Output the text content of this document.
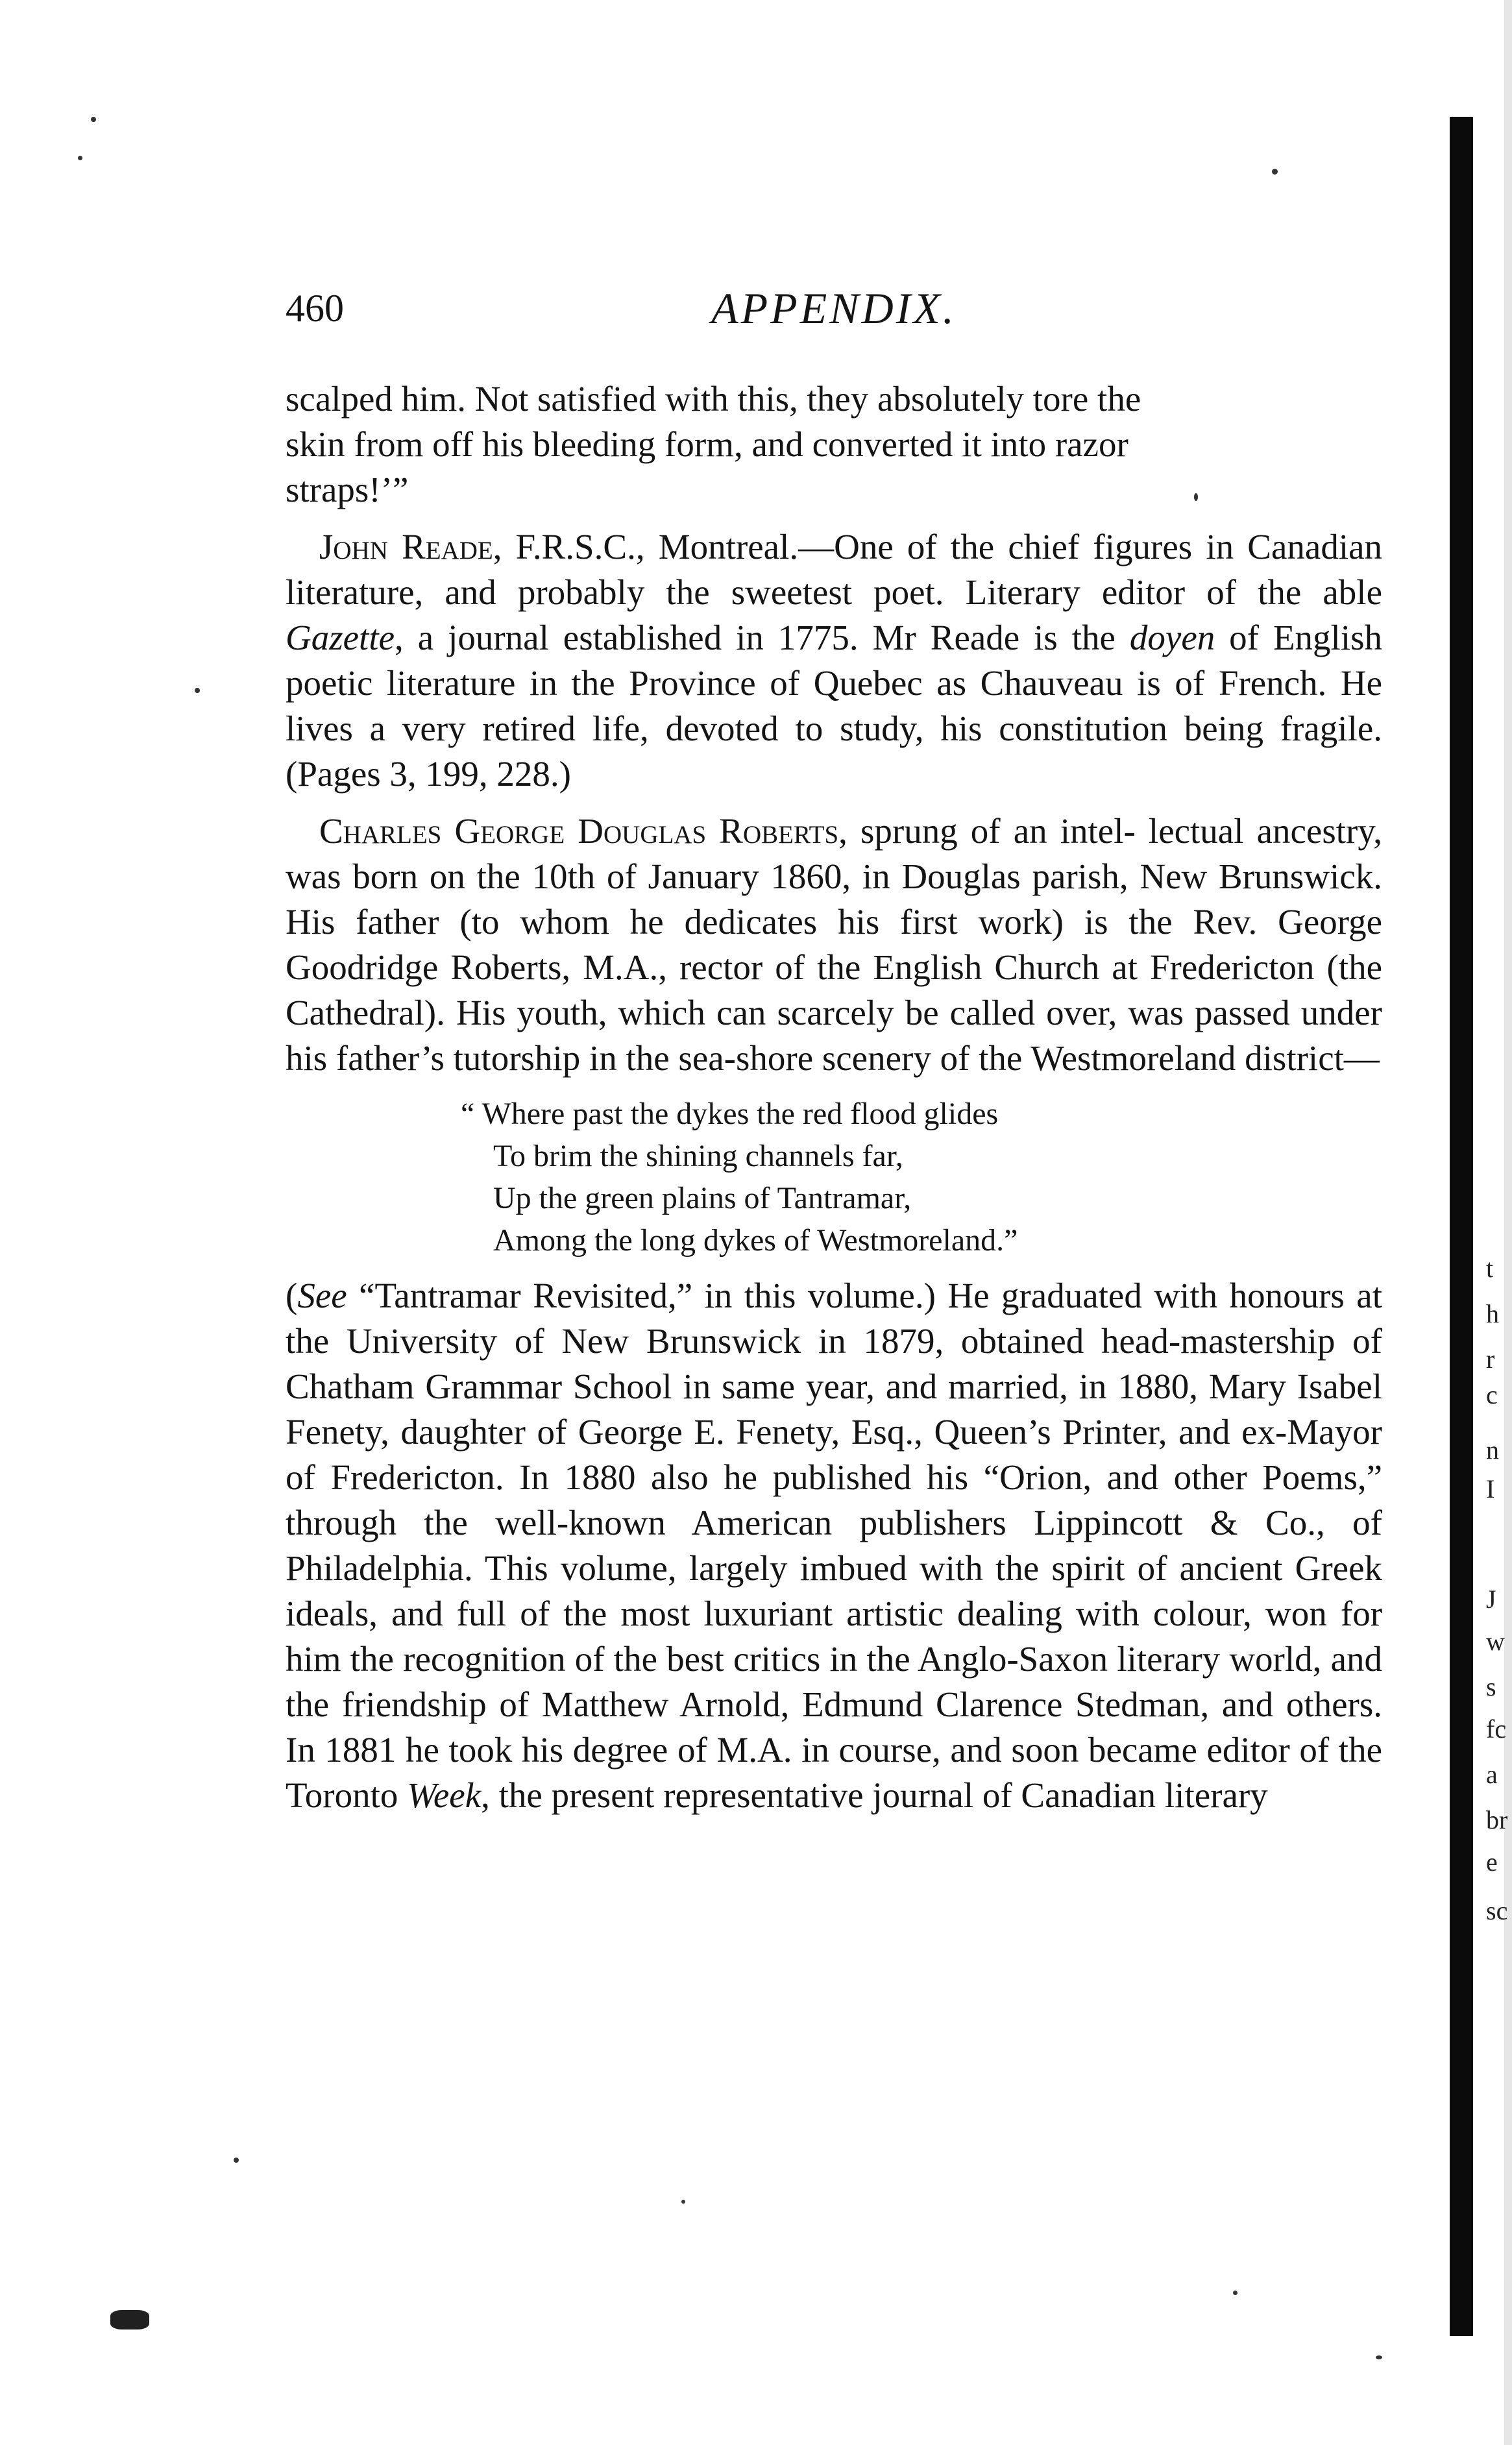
460	APPENDIX.

scalped him. Not satisfied with this, they absolutely tore the
skin from off his bleeding form, and converted it into razor
straps!’”

John Reade, F.R.S.C., Montreal.—One of the chief figures in Canadian literature, and probably the sweetest poet. Literary editor of the able Gazette, a journal established in 1775. Mr Reade is the doyen of English poetic literature in the Province of Quebec as Chauveau is of French. He lives a very retired life, devoted to study, his constitution being fragile. (Pages 3, 199, 228.)

Charles George Douglas Roberts, sprung of an intel- lectual ancestry, was born on the 10th of January 1860, in Douglas parish, New Brunswick. His father (to whom he dedicates his first work) is the Rev. George Goodridge Roberts, M.A., rector of the English Church at Fredericton (the Cathedral). His youth, which can scarcely be called over, was passed under his father’s tutorship in the sea-shore scenery of the Westmoreland district—

“ Where past the dykes the red flood glides
To brim the shining channels far,
Up the green plains of Tantramar,
Among the long dykes of Westmoreland.”

(See “Tantramar Revisited,” in this volume.) He graduated with honours at the University of New Brunswick in 1879, obtained head-mastership of Chatham Grammar School in same year, and married, in 1880, Mary Isabel Fenety, daughter of George E. Fenety, Esq., Queen’s Printer, and ex-Mayor of Fredericton. In 1880 also he published his “Orion, and other Poems,” through the well-known American publishers Lippincott & Co., of Philadelphia. This volume, largely imbued with the spirit of ancient Greek ideals, and full of the most luxuriant artistic dealing with colour, won for him the recognition of the best critics in the Anglo-Saxon literary world, and the friendship of Matthew Arnold, Edmund Clarence Stedman, and others. In 1881 he took his degree of M.A. in course, and soon became editor of the Toronto Week, the present representative journal of Canadian literary

t
h
r
c
n
I
J
w
s
fc
a
br
e
sc
